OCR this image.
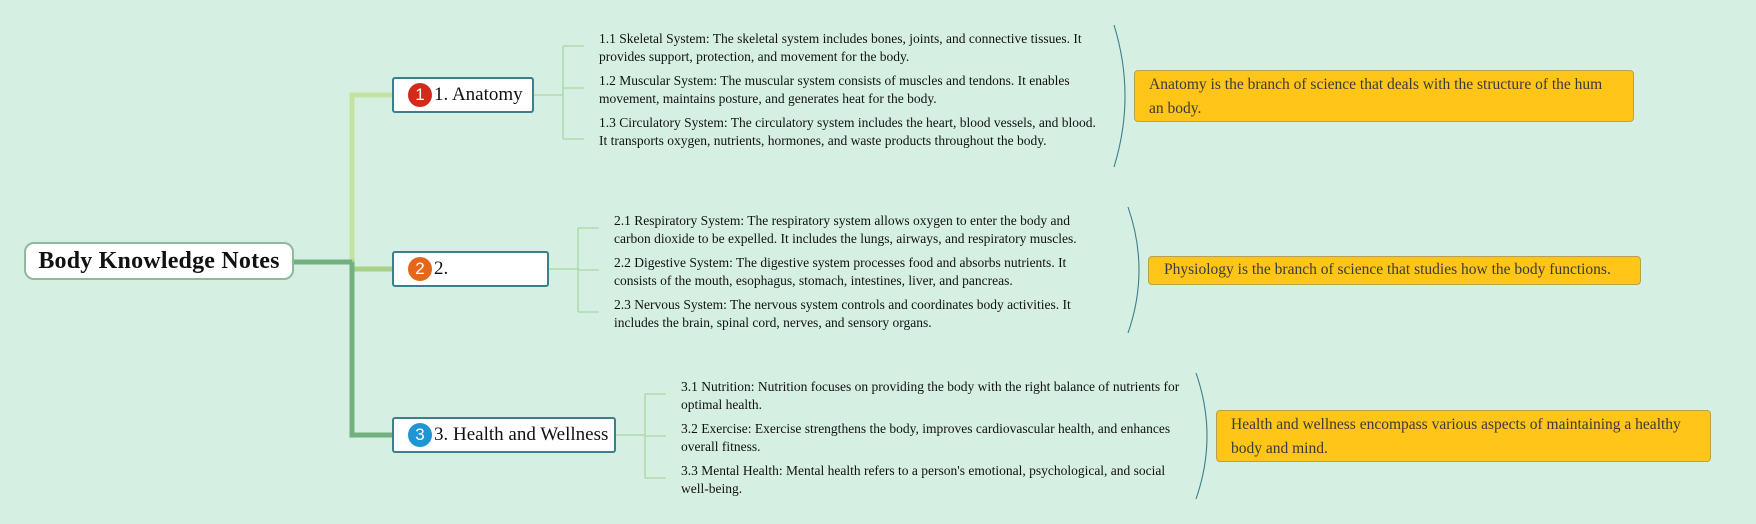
Body Knowledge Notes
1 1. Anatomy
1.1 Skeletal System: The skeletal system includes bones, joints, and connective tissues. It provides support, protection, and movement for the body.
1.2 Muscular System: The muscular system consists of muscles and tendons. It enables movement, maintains posture, and generates heat for the body.
1.3 Circulatory System: The circulatory system includes the heart, blood vessels, and blood. It transports oxygen, nutrients, hormones, and waste products throughout the body.
Anatomy is the branch of science that deals with the structure of the hum an body.
2 2.
2.1 Respiratory System: The respiratory system allows oxygen to enter the body and carbon dioxide to be expelled. It includes the lungs, airways, and respiratory muscles.
2.2 Digestive System: The digestive system processes food and absorbs nutrients. It consists of the mouth, esophagus, stomach, intestines, liver, and pancreas.
2.3 Nervous System: The nervous system controls and coordinates body activities. It includes the brain, spinal cord, nerves, and sensory organs.
Physiology is the branch of science that studies how the body functions.
3 3. Health and Wellness
3.1 Nutrition: Nutrition focuses on providing the body with the right balance of nutrients for optimal health.
3.2 Exercise: Exercise strengthens the body, improves cardiovascular health, and enhances overall fitness.
3.3 Mental Health: Mental health refers to a person's emotional, psychological, and social well-being.
Health and wellness encompass various aspects of maintaining a healthy body and mind.
